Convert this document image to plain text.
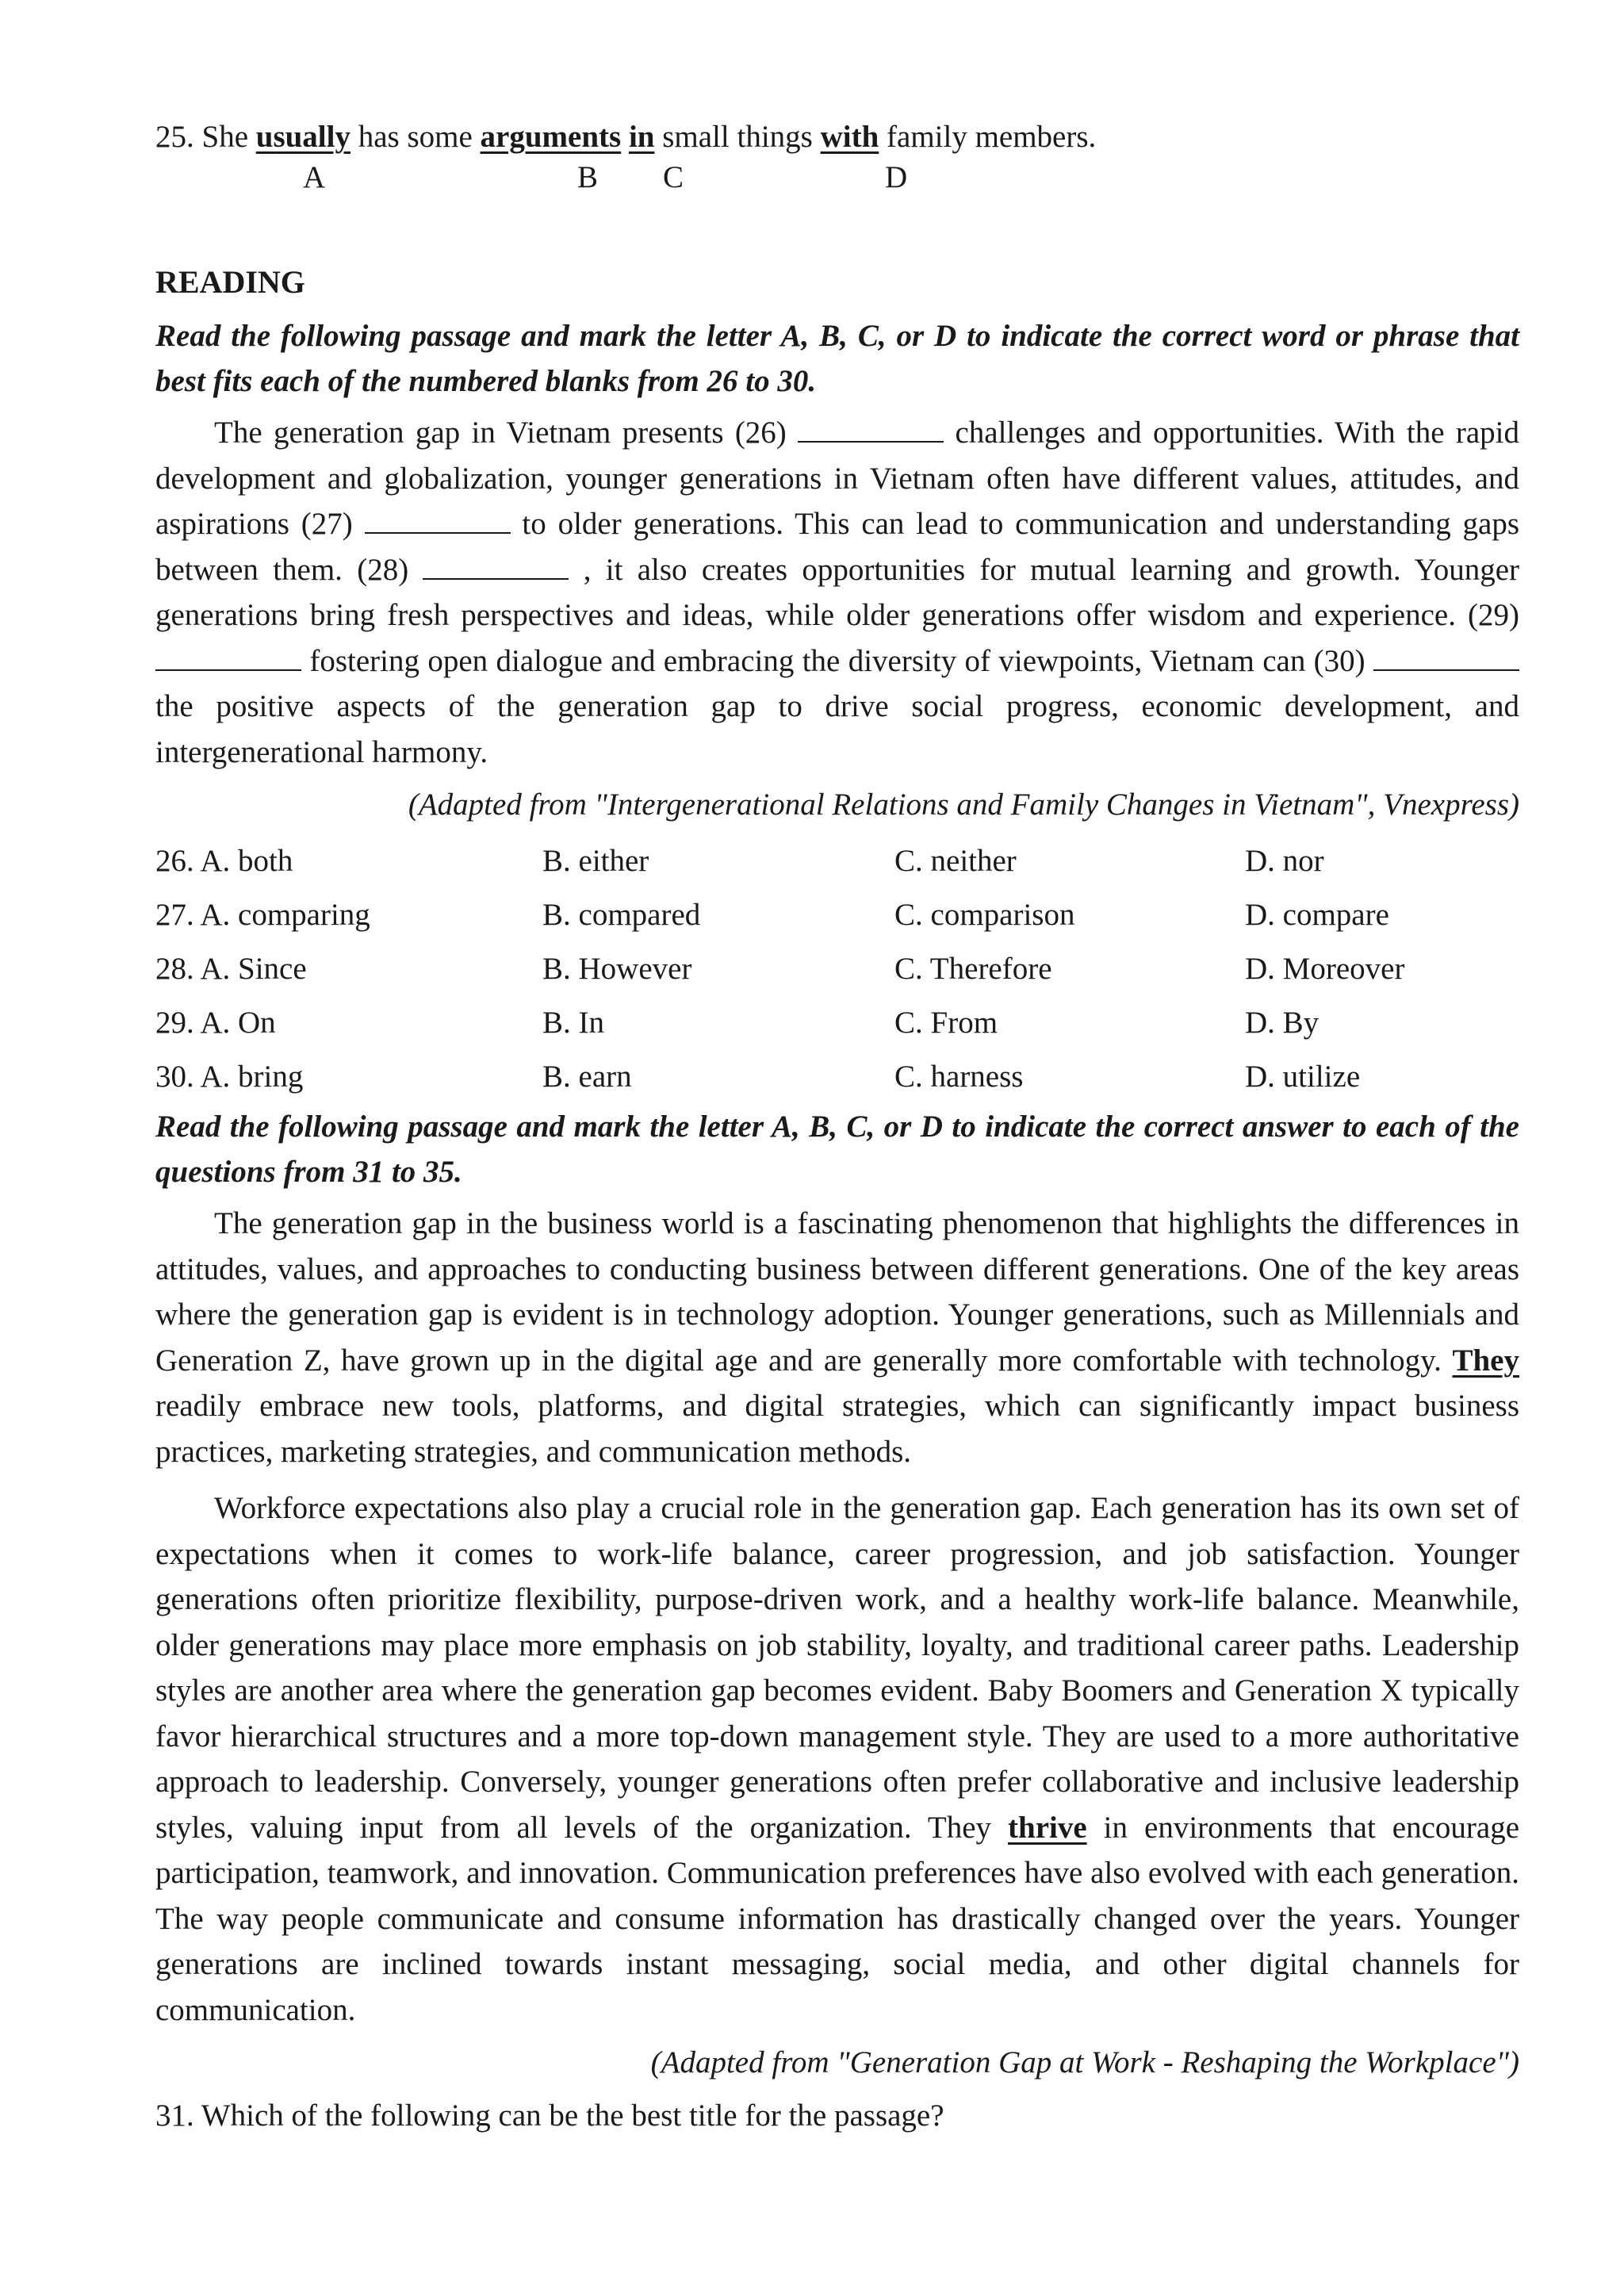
25. She usually has some arguments in small things with family members.

A	B C	D

READING

Read the following passage and mark the letter A, B, C, or D to indicate the correct word or phrase that best fits each of the numbered blanks from 26 to 30.

The generation gap in Vietnam presents (26)	challenges and opportunities. With the rapid development and globalization, younger generations in Vietnam often have different values, attitudes, and aspirations (27)	to older generations. This can lead to communication and understanding gaps between them. (28)	, it also creates opportunities for mutual learning and growth. Younger generations bring fresh perspectives and ideas, while older generations offer wisdom and experience. (29)  fostering open dialogue and embracing the diversity of viewpoints, Vietnam can (30)  the positive aspects of the generation gap to drive social progress, economic development, and intergenerational harmony.

(Adapted from "Intergenerational Relations and Family Changes in Vietnam", Vnexpress)

26. A. both	B. either	C. neither	D. nor
27. A. comparing	B. compared	C. comparison	D. compare
28. A. Since	B. However	C. Therefore	D. Moreover
29. A. On	B. In	C. From	D. By
30. A. bring	B. earn	C. harness	D. utilize

Read the following passage and mark the letter A, B, C, or D to indicate the correct answer to each of the questions from 31 to 35.

The generation gap in the business world is a fascinating phenomenon that highlights the differences in attitudes, values, and approaches to conducting business between different generations. One of the key areas where the generation gap is evident is in technology adoption. Younger generations, such as Millennials and Generation Z, have grown up in the digital age and are generally more comfortable with technology. They readily embrace new tools, platforms, and digital strategies, which can significantly impact business practices, marketing strategies, and communication methods.

Workforce expectations also play a crucial role in the generation gap. Each generation has its own set of expectations when it comes to work-life balance, career progression, and job satisfaction. Younger generations often prioritize flexibility, purpose-driven work, and a healthy work-life balance. Meanwhile, older generations may place more emphasis on job stability, loyalty, and traditional career paths. Leadership styles are another area where the generation gap becomes evident. Baby Boomers and Generation X typically favor hierarchical structures and a more top-down management style. They are used to a more authoritative approach to leadership. Conversely, younger generations often prefer collaborative and inclusive leadership styles, valuing input from all levels of the organization. They thrive in environments that encourage participation, teamwork, and innovation. Communication preferences have also evolved with each generation. The way people communicate and consume information has drastically changed over the years. Younger generations are inclined towards instant messaging, social media, and other digital channels for communication.

(Adapted from "Generation Gap at Work - Reshaping the Workplace")

31. Which of the following can be the best title for the passage?
